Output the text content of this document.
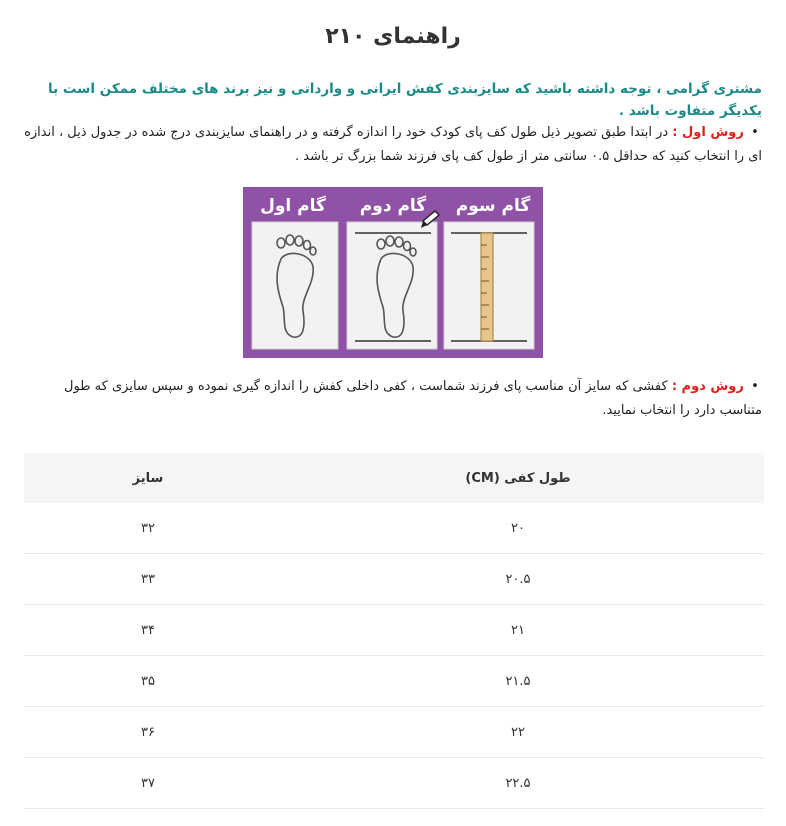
راهنمای ۲۱۰

مشتری گرامی ، توجه داشته باشید که سایزبندی کفش ایرانی و وارداتی و نیز برند های مختلف ممکن است با یکدیگر متفاوت باشد .

• روش اول : در ابتدا طبق تصویر ذیل طول کف پای کودک خود را اندازه گرفته و در راهنمای سایزبندی درج شده در جدول ذیل ، اندازه ای را انتخاب کنید که حداقل ۰.۵ سانتی متر از طول کف پای فرزند شما بزرگ تر باشد .

گام اول گام دوم گام سوم

• روش دوم : کفشی که سایز آن مناسب پای فرزند شماست ، کفی داخلی کفش را اندازه گیری نموده و سپس سایزی که طول متناسب دارد را انتخاب نمایید.

طول کفی (CM)	سایز
۲۰	۳۲
۲۰.۵	۳۳
۲۱	۳۴
۲۱.۵	۳۵
۲۲	۳۶
۲۲.۵	۳۷
